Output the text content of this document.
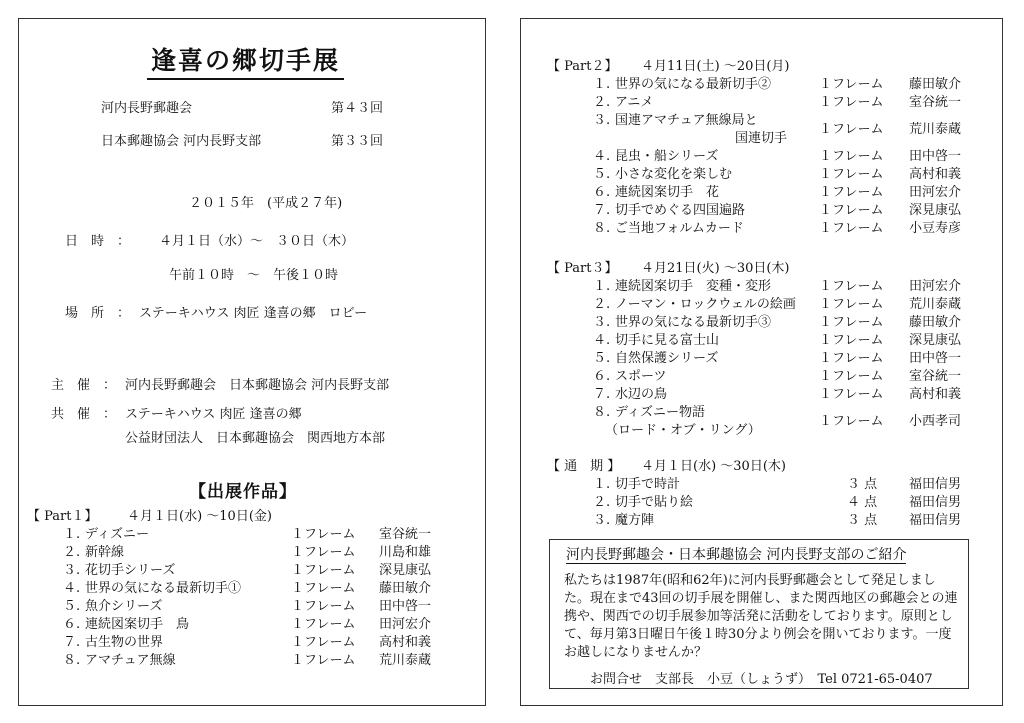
逢喜の郷切手展
河内長野郵趣会	第４３回
日本郵趣協会 河内長野支部	第３３回
２０１５年　(平成２７年)
日　時　： ４月１日（水）～　３０日（木）
午前１０時　～　午後１０時
場　所　： ステーキハウス 肉匠 逢喜の郷　ロビー
主　催　： 河内長野郵趣会　日本郵趣協会 河内長野支部
共　催　： ステーキハウス 肉匠 逢喜の郷
公益財団法人　日本郵趣協会　関西地方本部
【出展作品】
【 Part１】 ４月１日(水) ～10日(金)
１. ディズニー	１フレーム 室谷統一
２. 新幹線	１フレーム 川島和雄
３. 花切手シリーズ	１フレーム 深見康弘
４. 世界の気になる最新切手①	１フレーム 藤田敏介
５. 魚介シリーズ	１フレーム 田中啓一
６. 連続図案切手　鳥	１フレーム 田河宏介
７. 古生物の世界	１フレーム 高村和義
８. アマチュア無線	１フレーム 荒川泰蔵
【 Part２】 ４月11日(土) ～20日(月)
１. 世界の気になる最新切手②	１フレーム 藤田敏介
２. アニメ	１フレーム 室谷統一
３. 国連アマチュア無線局と
国連切手
１フレーム 荒川泰蔵
４. 昆虫・船シリーズ	１フレーム 田中啓一
５. 小さな変化を楽しむ	１フレーム 高村和義
６. 連続図案切手　花	１フレーム 田河宏介
７. 切手でめぐる四国遍路	１フレーム 深見康弘
８. ご当地フォルムカード	１フレーム 小豆寿彦
【 Part３】 ４月21日(火) ～30日(木)
１. 連続図案切手　変種・変形	１フレーム 田河宏介
２. ノーマン・ロックウェルの絵画 １フレーム 荒川泰蔵
３. 世界の気になる最新切手③	１フレーム 藤田敏介
４. 切手に見る富士山	１フレーム 深見康弘
５. 自然保護シリーズ	１フレーム 田中啓一
６. スポーツ	１フレーム 室谷統一
７. 水辺の鳥	１フレーム 高村和義
８. ディズニー物語
（ロード・オブ・リング）
１フレーム 小西孝司
【 通　期 】 ４月１日(水) ～30日(木)
１. 切手で時計	３ 点 福田信男
２. 切手で貼り絵	４ 点 福田信男
３. 魔方陣	３ 点 福田信男
河内長野郵趣会・日本郵趣協会 河内長野支部のご紹介
私たちは1987年(昭和62年)に河内長野郵趣会として発足しました。現在まで43回の切手展を開催し、また関西地区の郵趣会との連携や、関西での切手展参加等活発に活動をしております。原則として、毎月第3日曜日午後１時30分より例会を開いております。一度お越しになりませんか？
お問合せ　支部長　小豆（しょうず）　Tel 0721-65-0407
